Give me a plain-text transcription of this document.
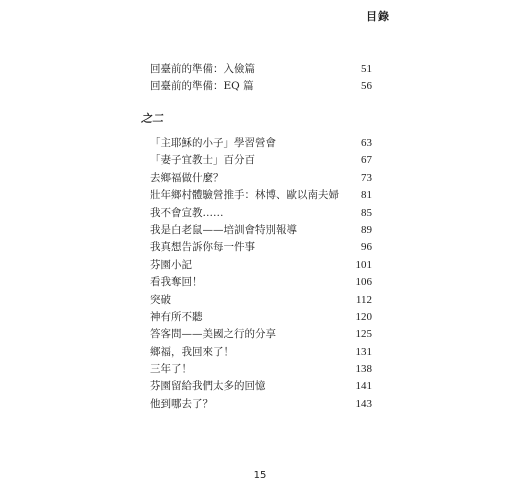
目錄
回臺前的準備：入儉篇	51
回臺前的準備：EQ 篇	56
之二
「主耶穌的小子」學習營會	63
「妻子宜教士」百分百	67
去鄉福做什麼？	73
壯年鄉村體驗營推手：林博、歐以南夫婦 81
我不會宣教……	85
我是白老鼠——培訓會特別報導	89
我真想告訴你每一件事	96
芬園小記	101
看我奪回！	106
突破	112
神有所不聽	120
答客問——美國之行的分享	125
鄉福，我回來了！	131
三年了！	138
芬園留給我們太多的回憶	141
他到哪去了？	143
15
